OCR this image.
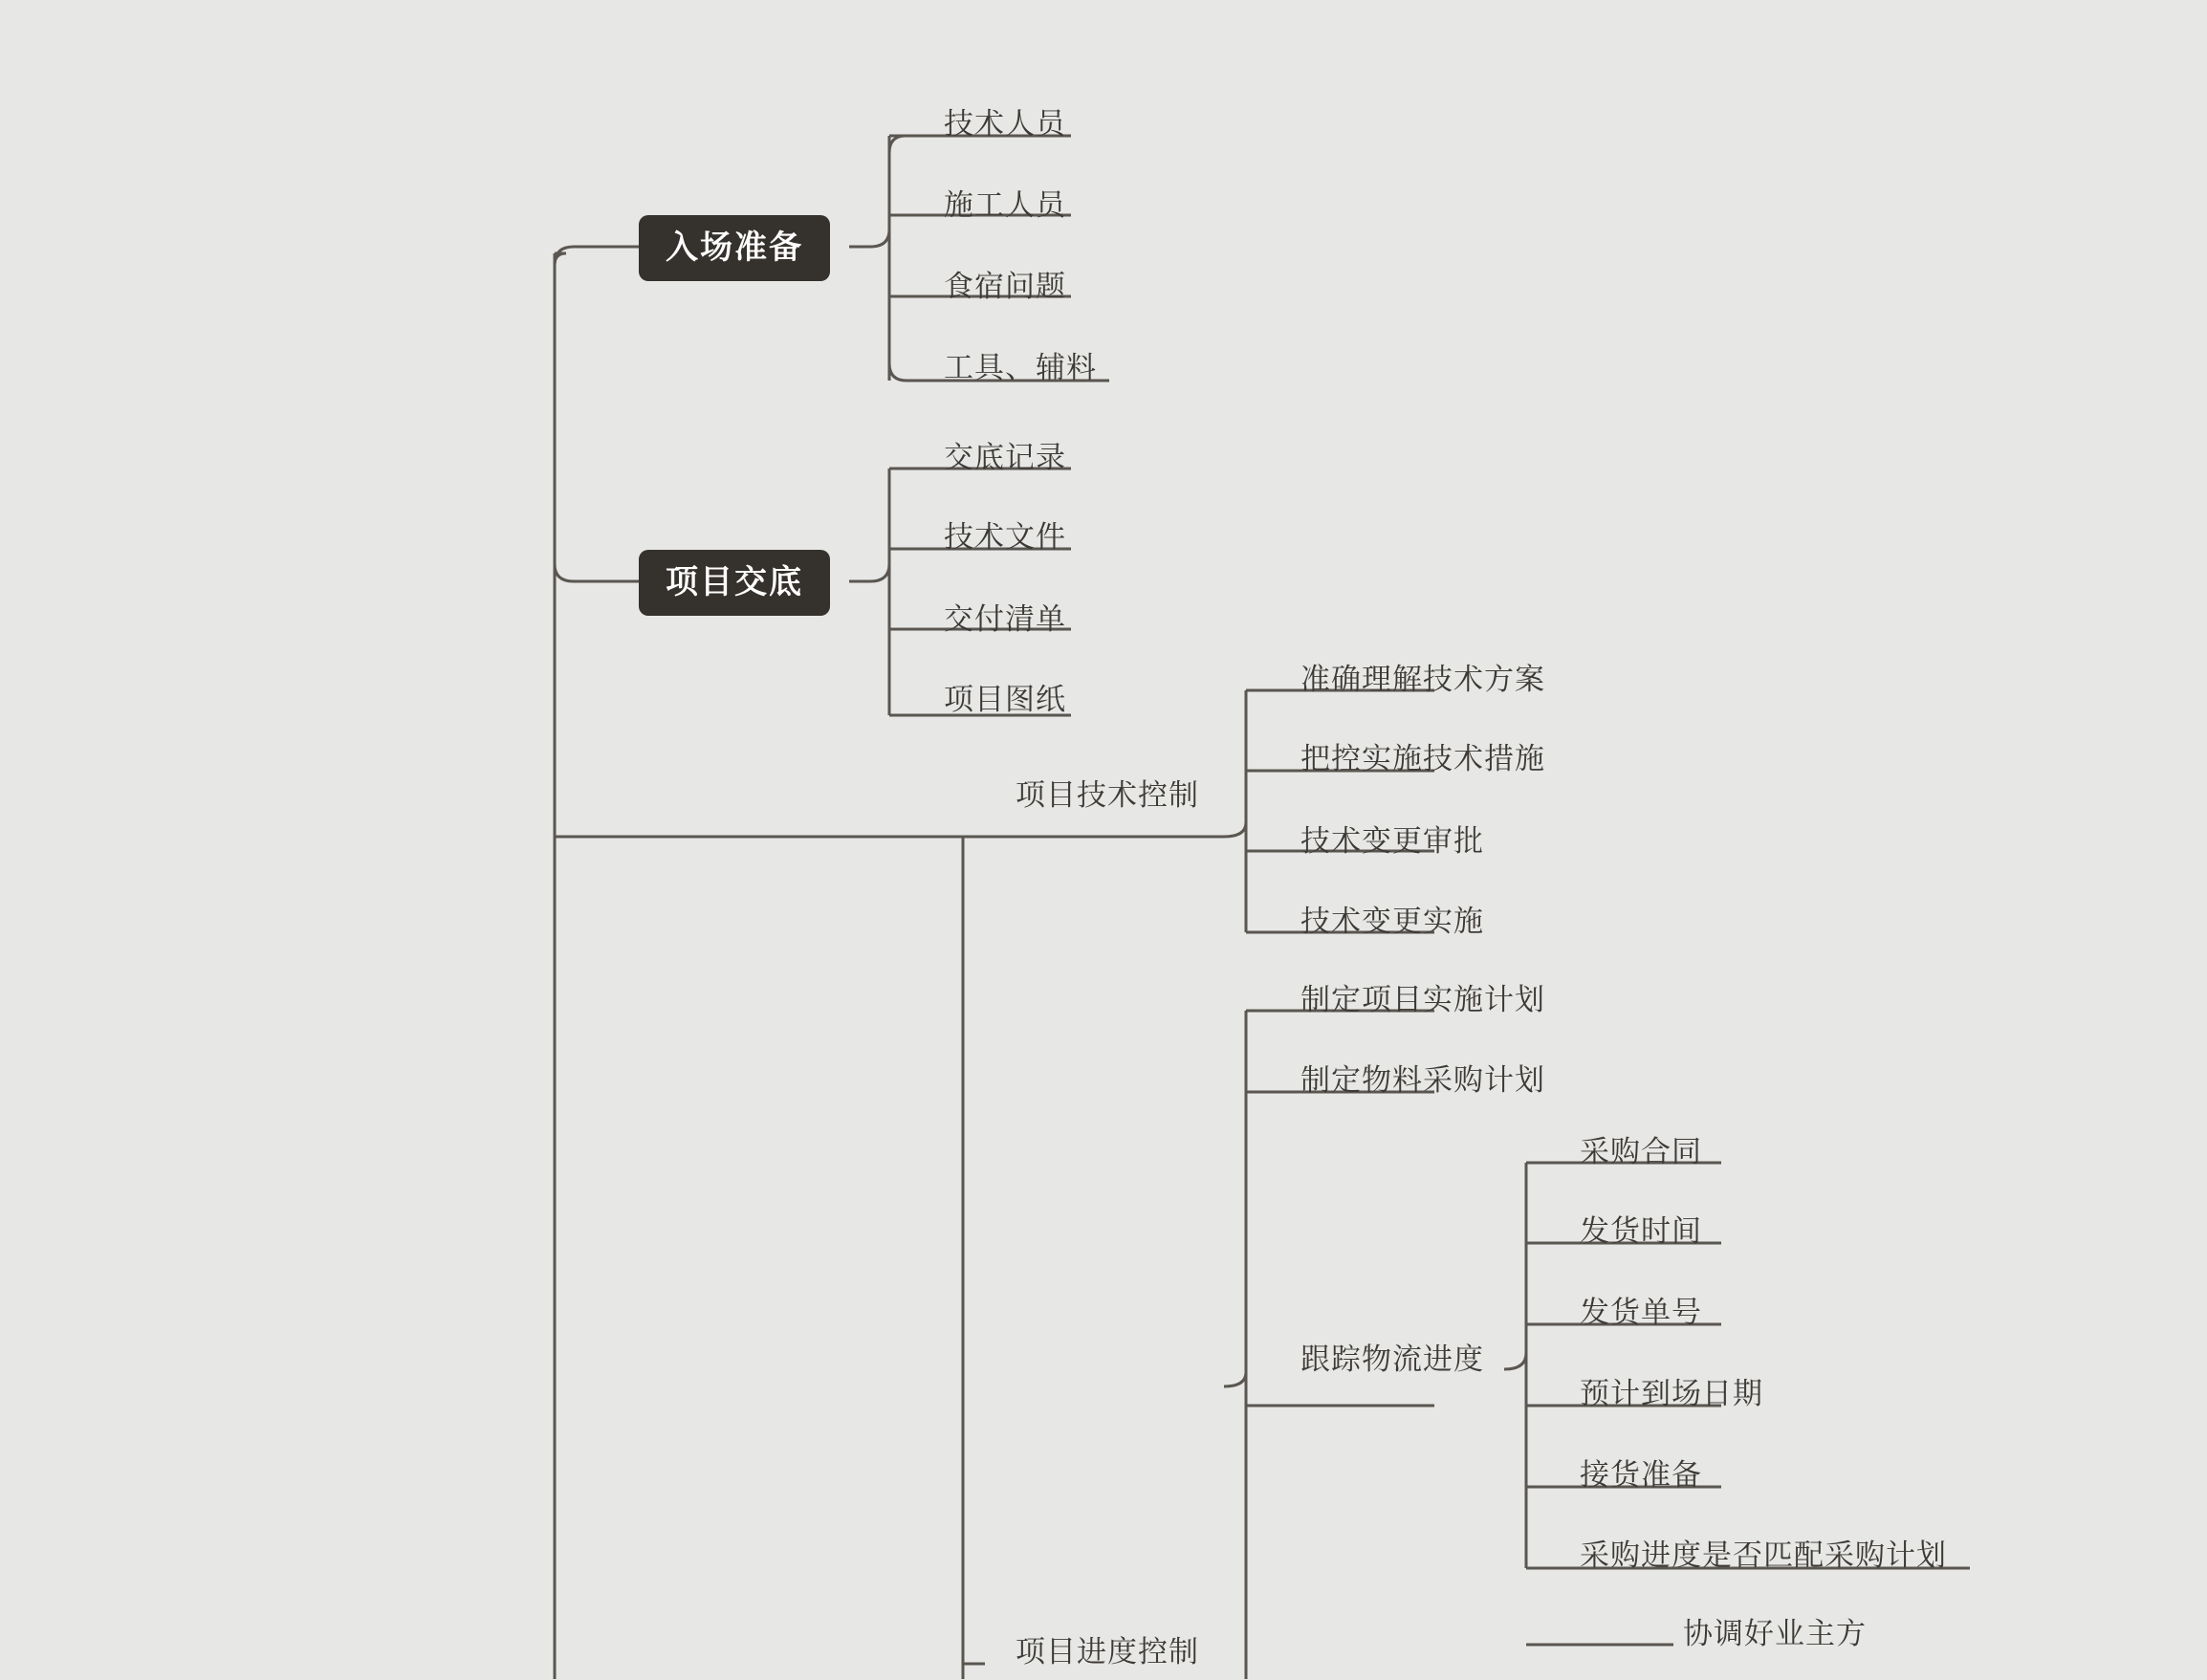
入场准备
技术人员
施工人员
食宿问题
工具、辅料
项目交底
交底记录
技术文件
交付清单
项目图纸
项目技术控制
准确理解技术方案
把控实施技术措施
技术变更审批
技术变更实施
制定项目实施计划
制定物料采购计划
跟踪物流进度
采购合同
发货时间
发货单号
预计到场日期
接货准备
采购进度是否匹配采购计划
项目进度控制
协调好业主方
